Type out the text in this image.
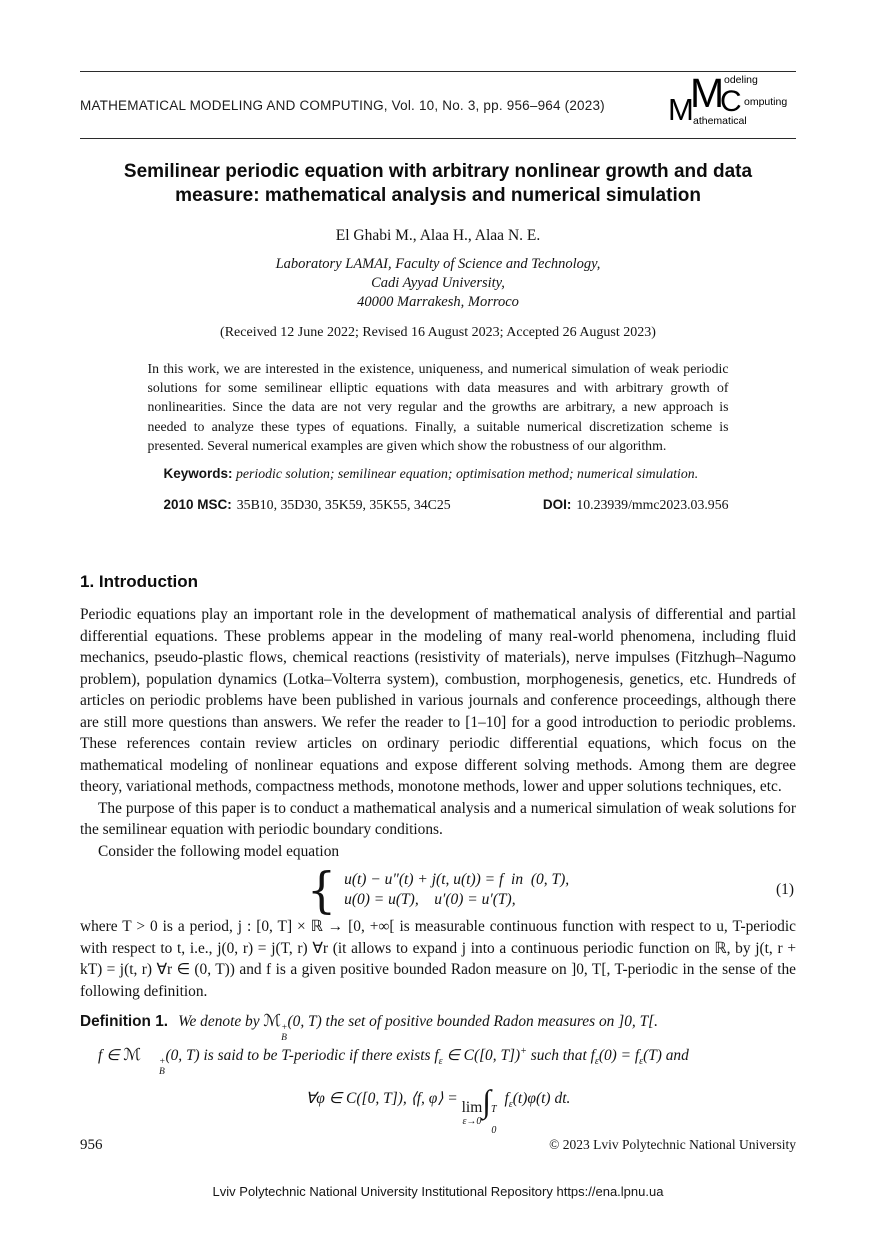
MATHEMATICAL MODELING AND COMPUTING, Vol. 10, No. 3, pp. 956–964 (2023) M athematical
M odeling
C omputing
Semilinear periodic equation with arbitrary nonlinear growth and data measure: mathematical analysis and numerical simulation
El Ghabi M., Alaa H., Alaa N. E.
Laboratory LAMAI, Faculty of Science and Technology,
Cadi Ayyad University,
40000 Marrakesh, Morroco
(Received 12 June 2022; Revised 16 August 2023; Accepted 26 August 2023)
In this work, we are interested in the existence, uniqueness, and numerical simulation of weak periodic solutions for some semilinear elliptic equations with data measures and with arbitrary growth of nonlinearities. Since the data are not very regular and the growths are arbitrary, a new approach is needed to analyze these types of equations. Finally, a suitable numerical discretization scheme is presented. Several numerical examples are given which show the robustness of our algorithm.

Keywords: periodic solution; semilinear equation; optimisation method; numerical simulation.

2010 MSC: 35B10, 35D30, 35K59, 35K55, 34C25	DOI: 10.23939/mmc2023.03.956
1. Introduction

Periodic equations play an important role in the development of mathematical analysis of differential and partial differential equations. These problems appear in the modeling of many real-world phenomena, including fluid mechanics, pseudo-plastic flows, chemical reactions (resistivity of materials), nerve impulses (Fitzhugh–Nagumo problem), population dynamics (Lotka–Volterra system), combustion, morphogenesis, genetics, etc. Hundreds of articles on periodic problems have been published in various journals and conference proceedings, although there are still more questions than answers. We refer the reader to [1–10] for a good introduction to periodic problems. These references contain review articles on ordinary periodic differential equations, which focus on the mathematical modeling of nonlinear equations and expose different solving methods. Among them are degree theory, variational methods, compactness methods, monotone methods, lower and upper solutions techniques, etc.

The purpose of this paper is to conduct a mathematical analysis and a numerical simulation of weak solutions for the semilinear equation with periodic boundary conditions.

Consider the following model equation

{ u(t) − u″(t) + j(t, u(t)) = f  in  (0, T),
u(0) = u(T),    u′(0) = u′(T),
(1)

where T > 0 is a period, j : [0, T] × ℝ → [0, +∞[ is measurable continuous function with respect to u, T-periodic with respect to t, i.e., j(0, r) = j(T, r) ∀r (it allows to expand j into a continuous periodic function on ℝ, by j(t, r + kT) = j(t, r) ∀r ∈ (0, T)) and f is a given positive bounded Radon measure on ]0, T[, T-periodic in the sense of the following definition.

Definition 1. We denote by ℳ +
B
(0, T) the set of positive bounded Radon measures on ]0, T[.

f ∈ ℳ	+
B
(0, T) is said to be T-periodic if there exists $f_\varepsilon$ ∈ C([0, T])+ such that $f_\varepsilon(0) = f_\varepsilon(T)$ and

∀φ ∈ C([0, T]), ⟨f, φ⟩ =
lim
ε→0
∫ T
0
$f_\varepsilon(t)\varphi(t)$ dt.
956	© 2023 Lviv Polytechnic National University
Lviv Polytechnic National University Institutional Repository https://ena.lpnu.ua
